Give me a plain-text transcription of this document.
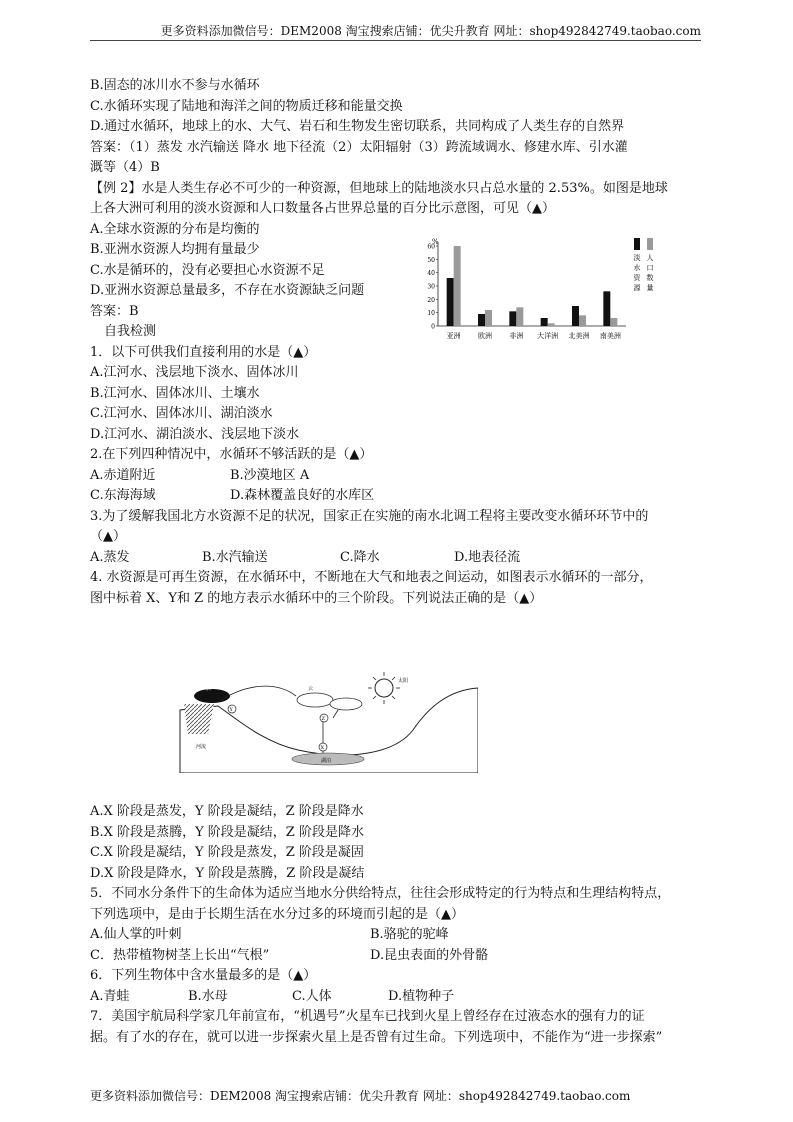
更多资料添加微信号：DEM2008 淘宝搜索店铺：优尖升教育 网址：shop492842749.taobao.com
B.固态的冰川水不参与水循环
C.水循环实现了陆地和海洋之间的物质迁移和能量交换
D.通过水循环，地球上的水、大气、岩石和生物发生密切联系，共同构成了人类生存的自然界
答案：（1）蒸发 水汽输送 降水 地下径流（2）太阳辐射（3）跨流域调水、修建水库、引水灌
溉等（4）B
【例 2】水是人类生存必不可少的一种资源，但地球上的陆地淡水只占总水量的 2.53%。如图是地球
上各大洲可利用的淡水资源和人口数量各占世界总量的百分比示意图，可见（▲）
A.全球水资源的分布是均衡的
B.亚洲水资源人均拥有量最少
C.水是循环的，没有必要担心水资源不足
D.亚洲水资源总量最多，不存在水资源缺乏问题
答案：B
自我检测
1．以下可供我们直接利用的水是（▲）
A.江河水、浅层地下淡水、固体冰川
B.江河水、固体冰川、土壤水
C.江河水、固体冰川、湖泊淡水
D.江河水、湖泊淡水、浅层地下淡水
2.在下列四种情况中，水循环不够活跃的是（▲）
A.赤道附近	B.沙漠地区 A
C.东海海域	D.森林覆盖良好的水库区
3.为了缓解我国北方水资源不足的状况，国家正在实施的南水北调工程将主要改变水循环环节中的
（▲）
A.蒸发	B.水汽输送	C.降水	D.地表径流
4. 水资源是可再生资源，在水循环中，不断地在大气和地表之间运动，如图表示水循环的一部分，
图中标着 X、Y和 Z 的地方表示水循环中的三个阶段。下列说法正确的是（▲）
A.X 阶段是蒸发，Y 阶段是凝结，Z 阶段是降水
B.X 阶段是蒸腾，Y 阶段是凝结，Z 阶段是降水
C.X 阶段是凝结，Y 阶段是蒸发，Z 阶段是凝固
D.X 阶段是降水，Y 阶段是蒸腾，Z 阶段是凝结
5．不同水分条件下的生命体为适应当地水分供给特点，往往会形成特定的行为特点和生理结构特点，
下列选项中，是由于长期生活在水分过多的环境而引起的是（▲）
A.仙人掌的叶刺	B.骆驼的驼峰
C．热带植物树茎上长出“气根”	D.昆虫表面的外骨骼
6．下列生物体中含水量最多的是（▲）
A.青蛙	B.水母	C.人体	D.植物种子
7．美国宇航局科学家几年前宣布，“机遇号”火星车已找到火星上曾经存在过液态水的强有力的证
据。有了水的存在，就可以进一步探索火星上是否曾有过生命。下列选项中，不能作为“进一步探索”
%
0
10
20
30
40
50
60
亚洲 欧洲 非洲 大洋洲 北美洲 南美洲
淡
水
资
源
人
口
数
量
云	云
太阳
湖泊
河流	X
Y
Z
更多资料添加微信号：DEM2008 淘宝搜索店铺：优尖升教育 网址：shop492842749.taobao.com
